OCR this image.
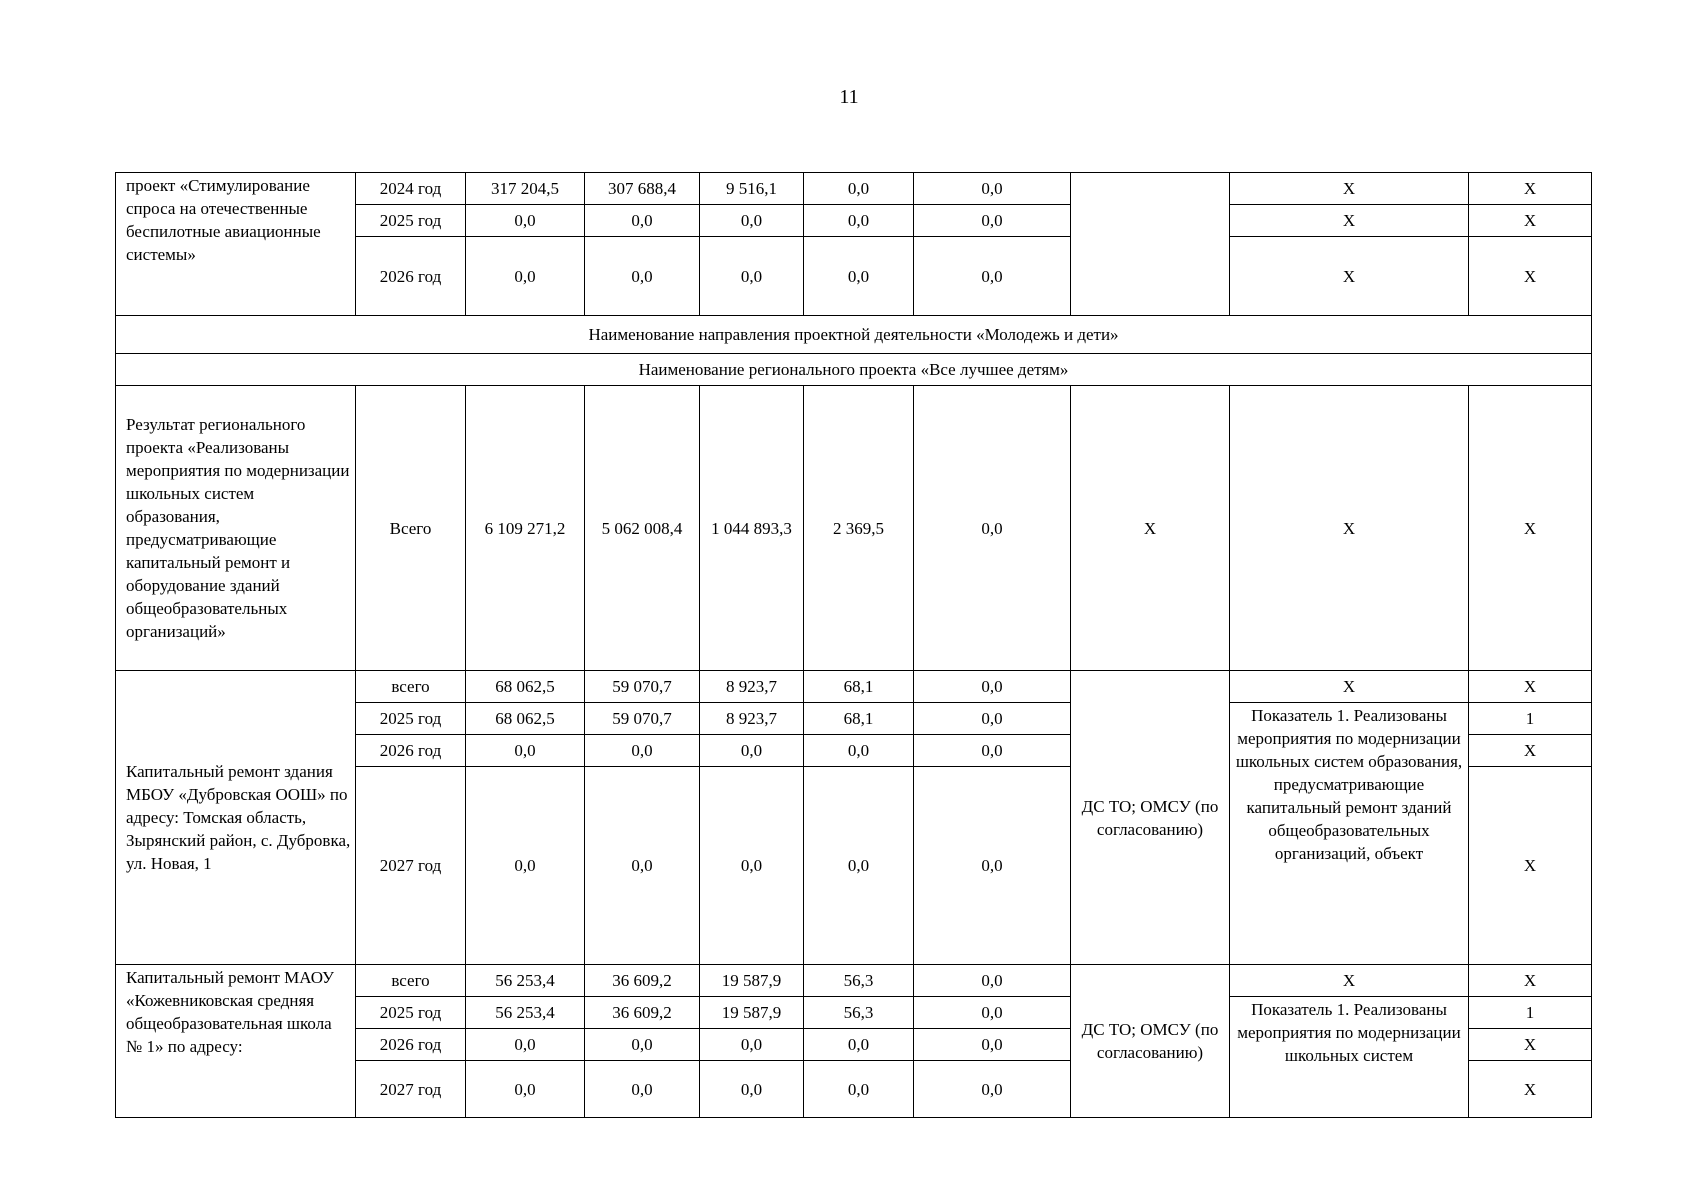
11
проект «Стимулирование спроса на отечественные беспилотные авиационные системы»	2024 год	317 204,5	307 688,4	9 516,1	0,0	0,0		Х	Х
	2025 год	0,0	0,0	0,0	0,0	0,0		Х	Х
	2026 год	0,0	0,0	0,0	0,0	0,0		Х	Х
Наименование направления проектной деятельности «Молодежь и дети»									
Наименование регионального проекта «Все лучшее детям»									
Результат регионального проекта «Реализованы мероприятия по модернизации школьных систем образования, предусматривающие капитальный ремонт и оборудование зданий общеобразовательных организаций»	Всего	6 109 271,2	5 062 008,4	1 044 893,3	2 369,5	0,0	Х	Х	Х
Капитальный ремонт здания МБОУ «Дубровская ООШ» по адресу: Томская область, Зырянский район, с. Дубровка, ул. Новая, 1	всего	68 062,5	59 070,7	8 923,7	68,1	0,0	ДС ТО; ОМСУ (по согласованию)	Х	Х
	2025 год	68 062,5	59 070,7	8 923,7	68,1	0,0		Показатель 1. Реализованы мероприятия по модернизации школьных систем образования, предусматривающие капитальный ремонт зданий общеобразовательных организаций, объект	1
	2026 год	0,0	0,0	0,0	0,0	0,0			Х
	2027 год	0,0	0,0	0,0	0,0	0,0			Х
Капитальный ремонт МАОУ «Кожевниковская средняя общеобразовательная школа № 1» по адресу:	всего	56 253,4	36 609,2	19 587,9	56,3	0,0	ДС ТО; ОМСУ (по согласованию)	Х	Х
	2025 год	56 253,4	36 609,2	19 587,9	56,3	0,0		Показатель 1. Реализованы мероприятия по модернизации школьных систем	1
	2026 год	0,0	0,0	0,0	0,0	0,0			Х
	2027 год	0,0	0,0	0,0	0,0	0,0			Х
